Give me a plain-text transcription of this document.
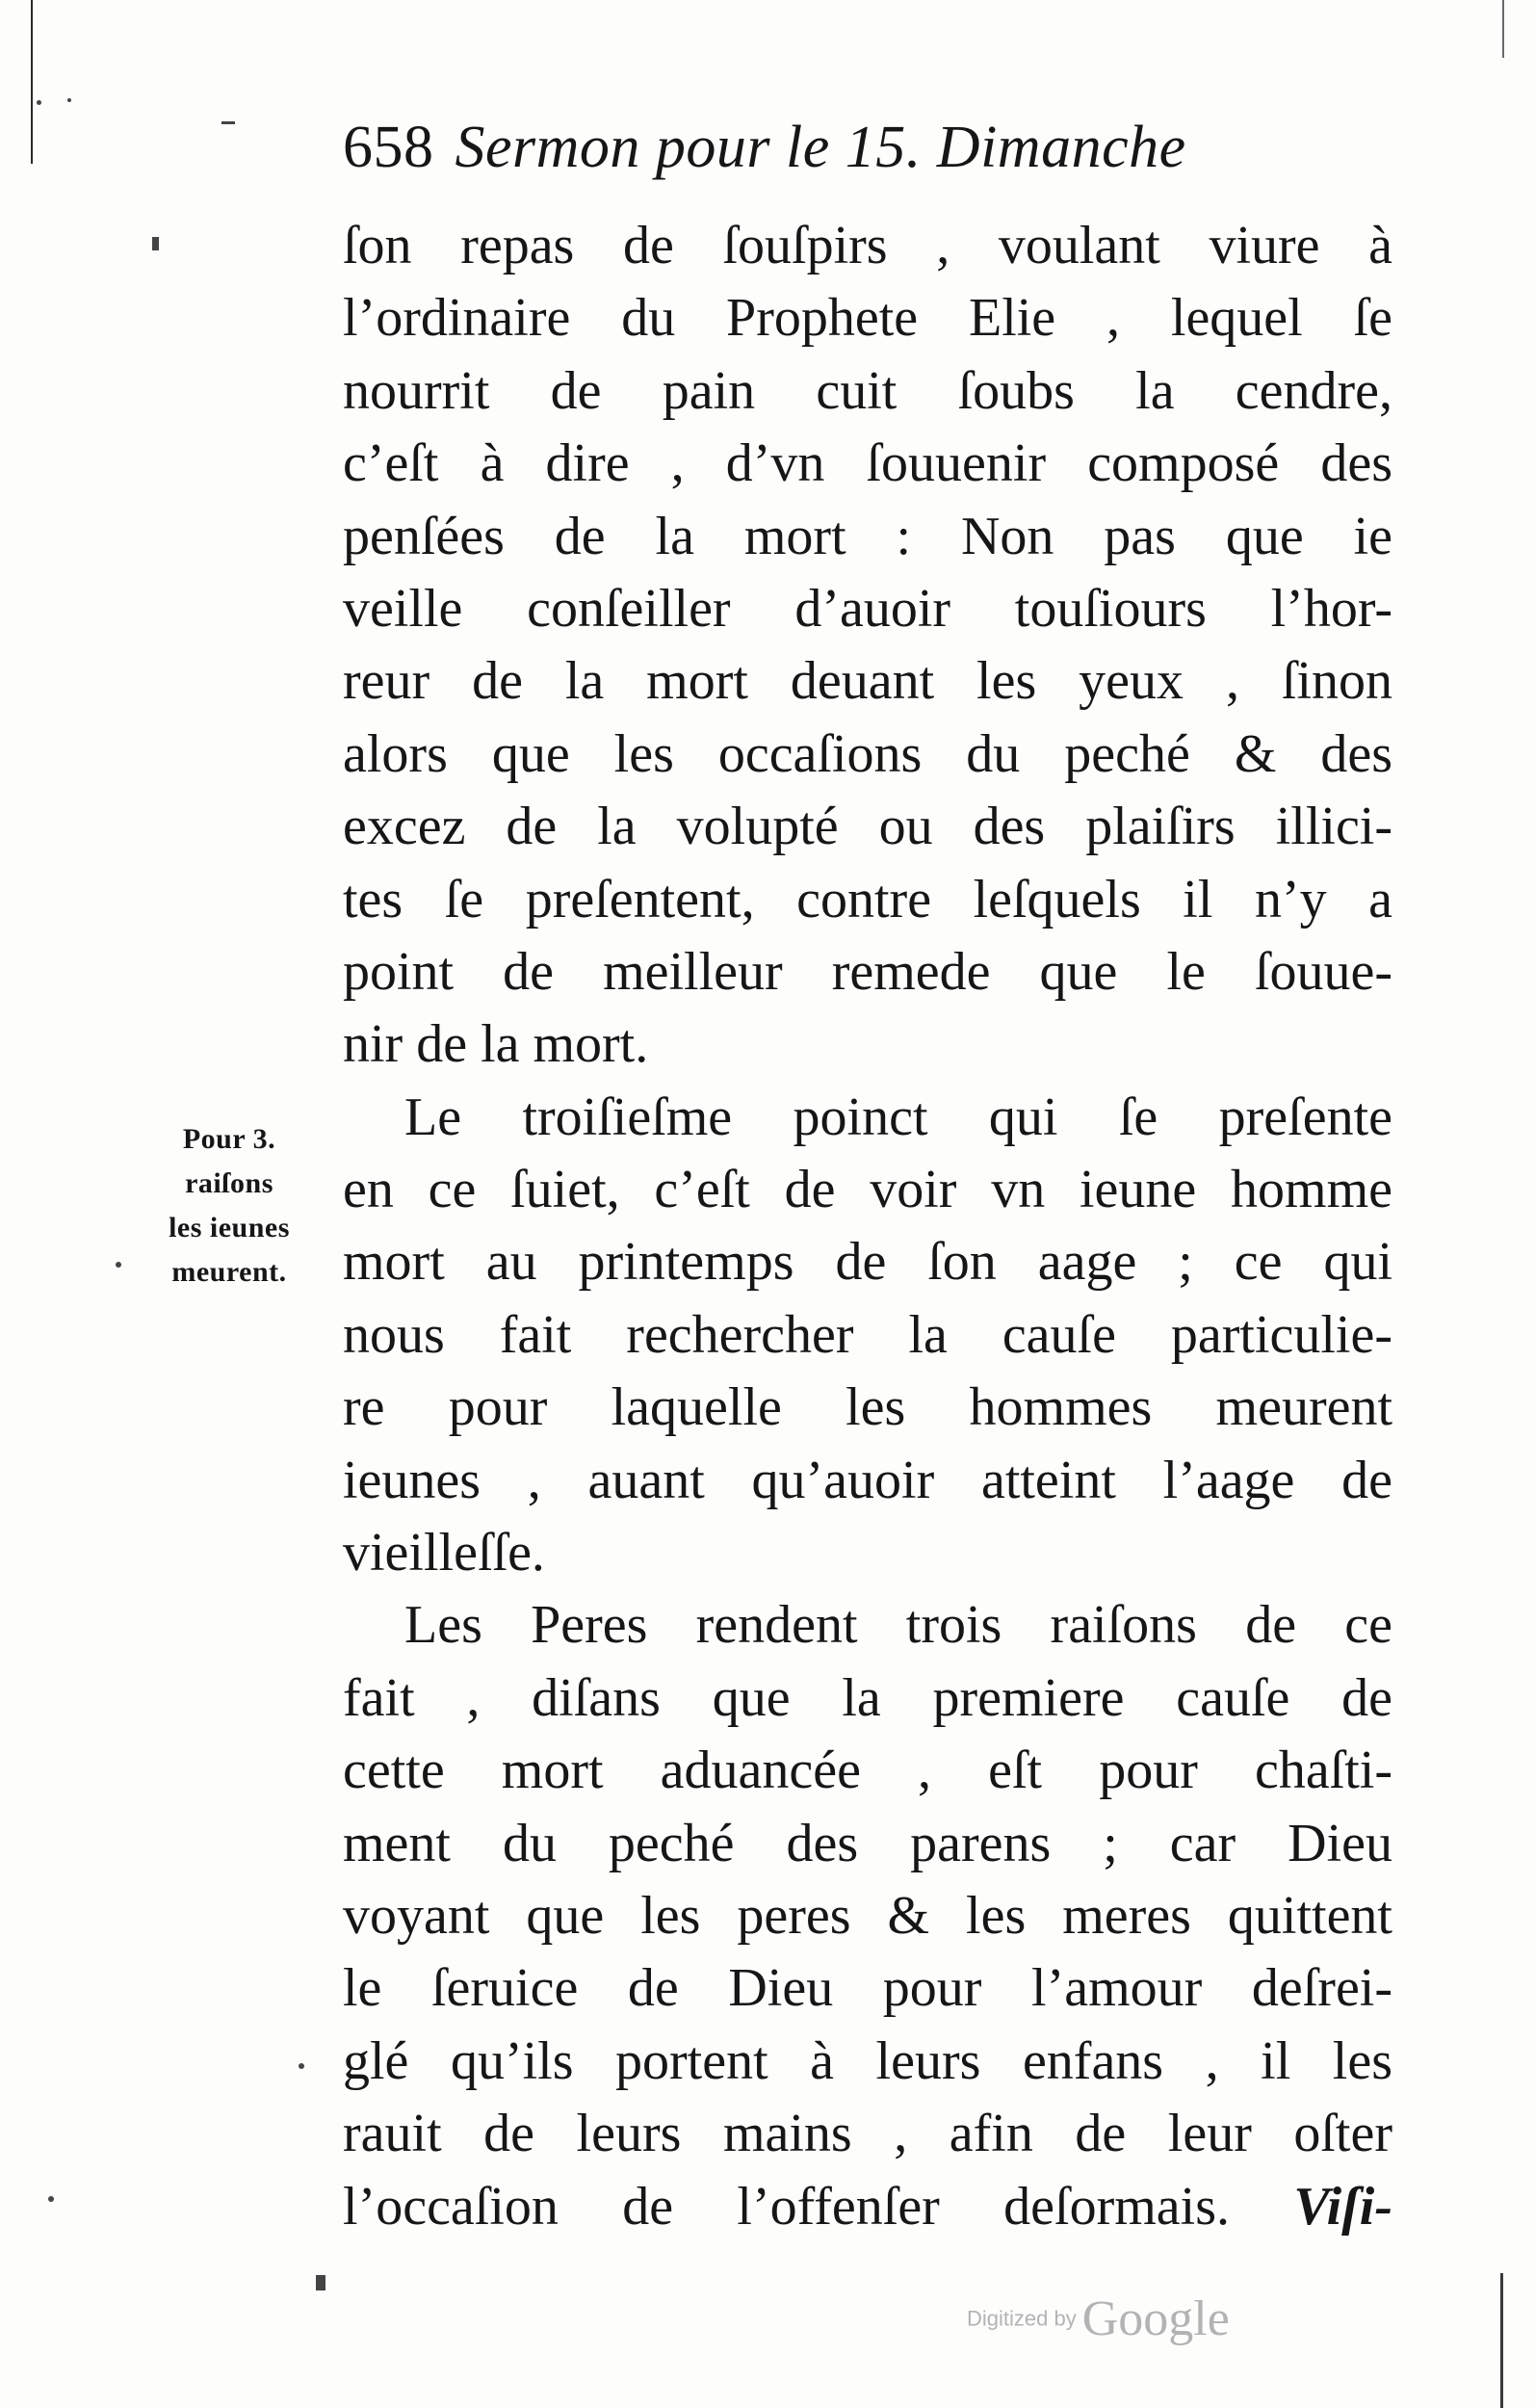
658 Sermon pour le 15. Dimanche
ſon repas de ſouſpirs , voulant viure à
l’ordinaire du Prophete Elie , lequel ſe
nourrit de pain cuit ſoubs la cendre,
c’eſt à dire , d’vn ſouuenir composé des
penſées de la mort : Non pas que ie
veille conſeiller d’auoir touſiours l’hor-
reur de la mort deuant les yeux , ſinon
alors que les occaſions du peché & des
excez de la volupté ou des plaiſirs illici-
tes ſe preſentent, contre leſquels il n’y a
point de meilleur remede que le ſouue-
nir de la mort.
Le troiſieſme poinct qui ſe preſente
en ce ſuiet, c’eſt de voir vn ieune homme
mort au printemps de ſon aage ; ce qui
nous fait rechercher la cauſe particulie-
re pour laquelle les hommes meurent
ieunes , auant qu’auoir atteint l’aage de
vieilleſſe.
Les Peres rendent trois raiſons de ce
fait , diſans que la premiere cauſe de
cette mort aduancée , eſt pour chaſti-
ment du peché des parens ; car Dieu
voyant que les peres & les meres quittent
le ſeruice de Dieu pour l’amour deſrei-
glé qu’ils portent à leurs enfans , il les
rauit de leurs mains , afin de leur oſter
l’occaſion de l’offenſer deſormais. Viſi-
Pour 3.
raiſons
les ieunes
meurent.
Digitized by Google
